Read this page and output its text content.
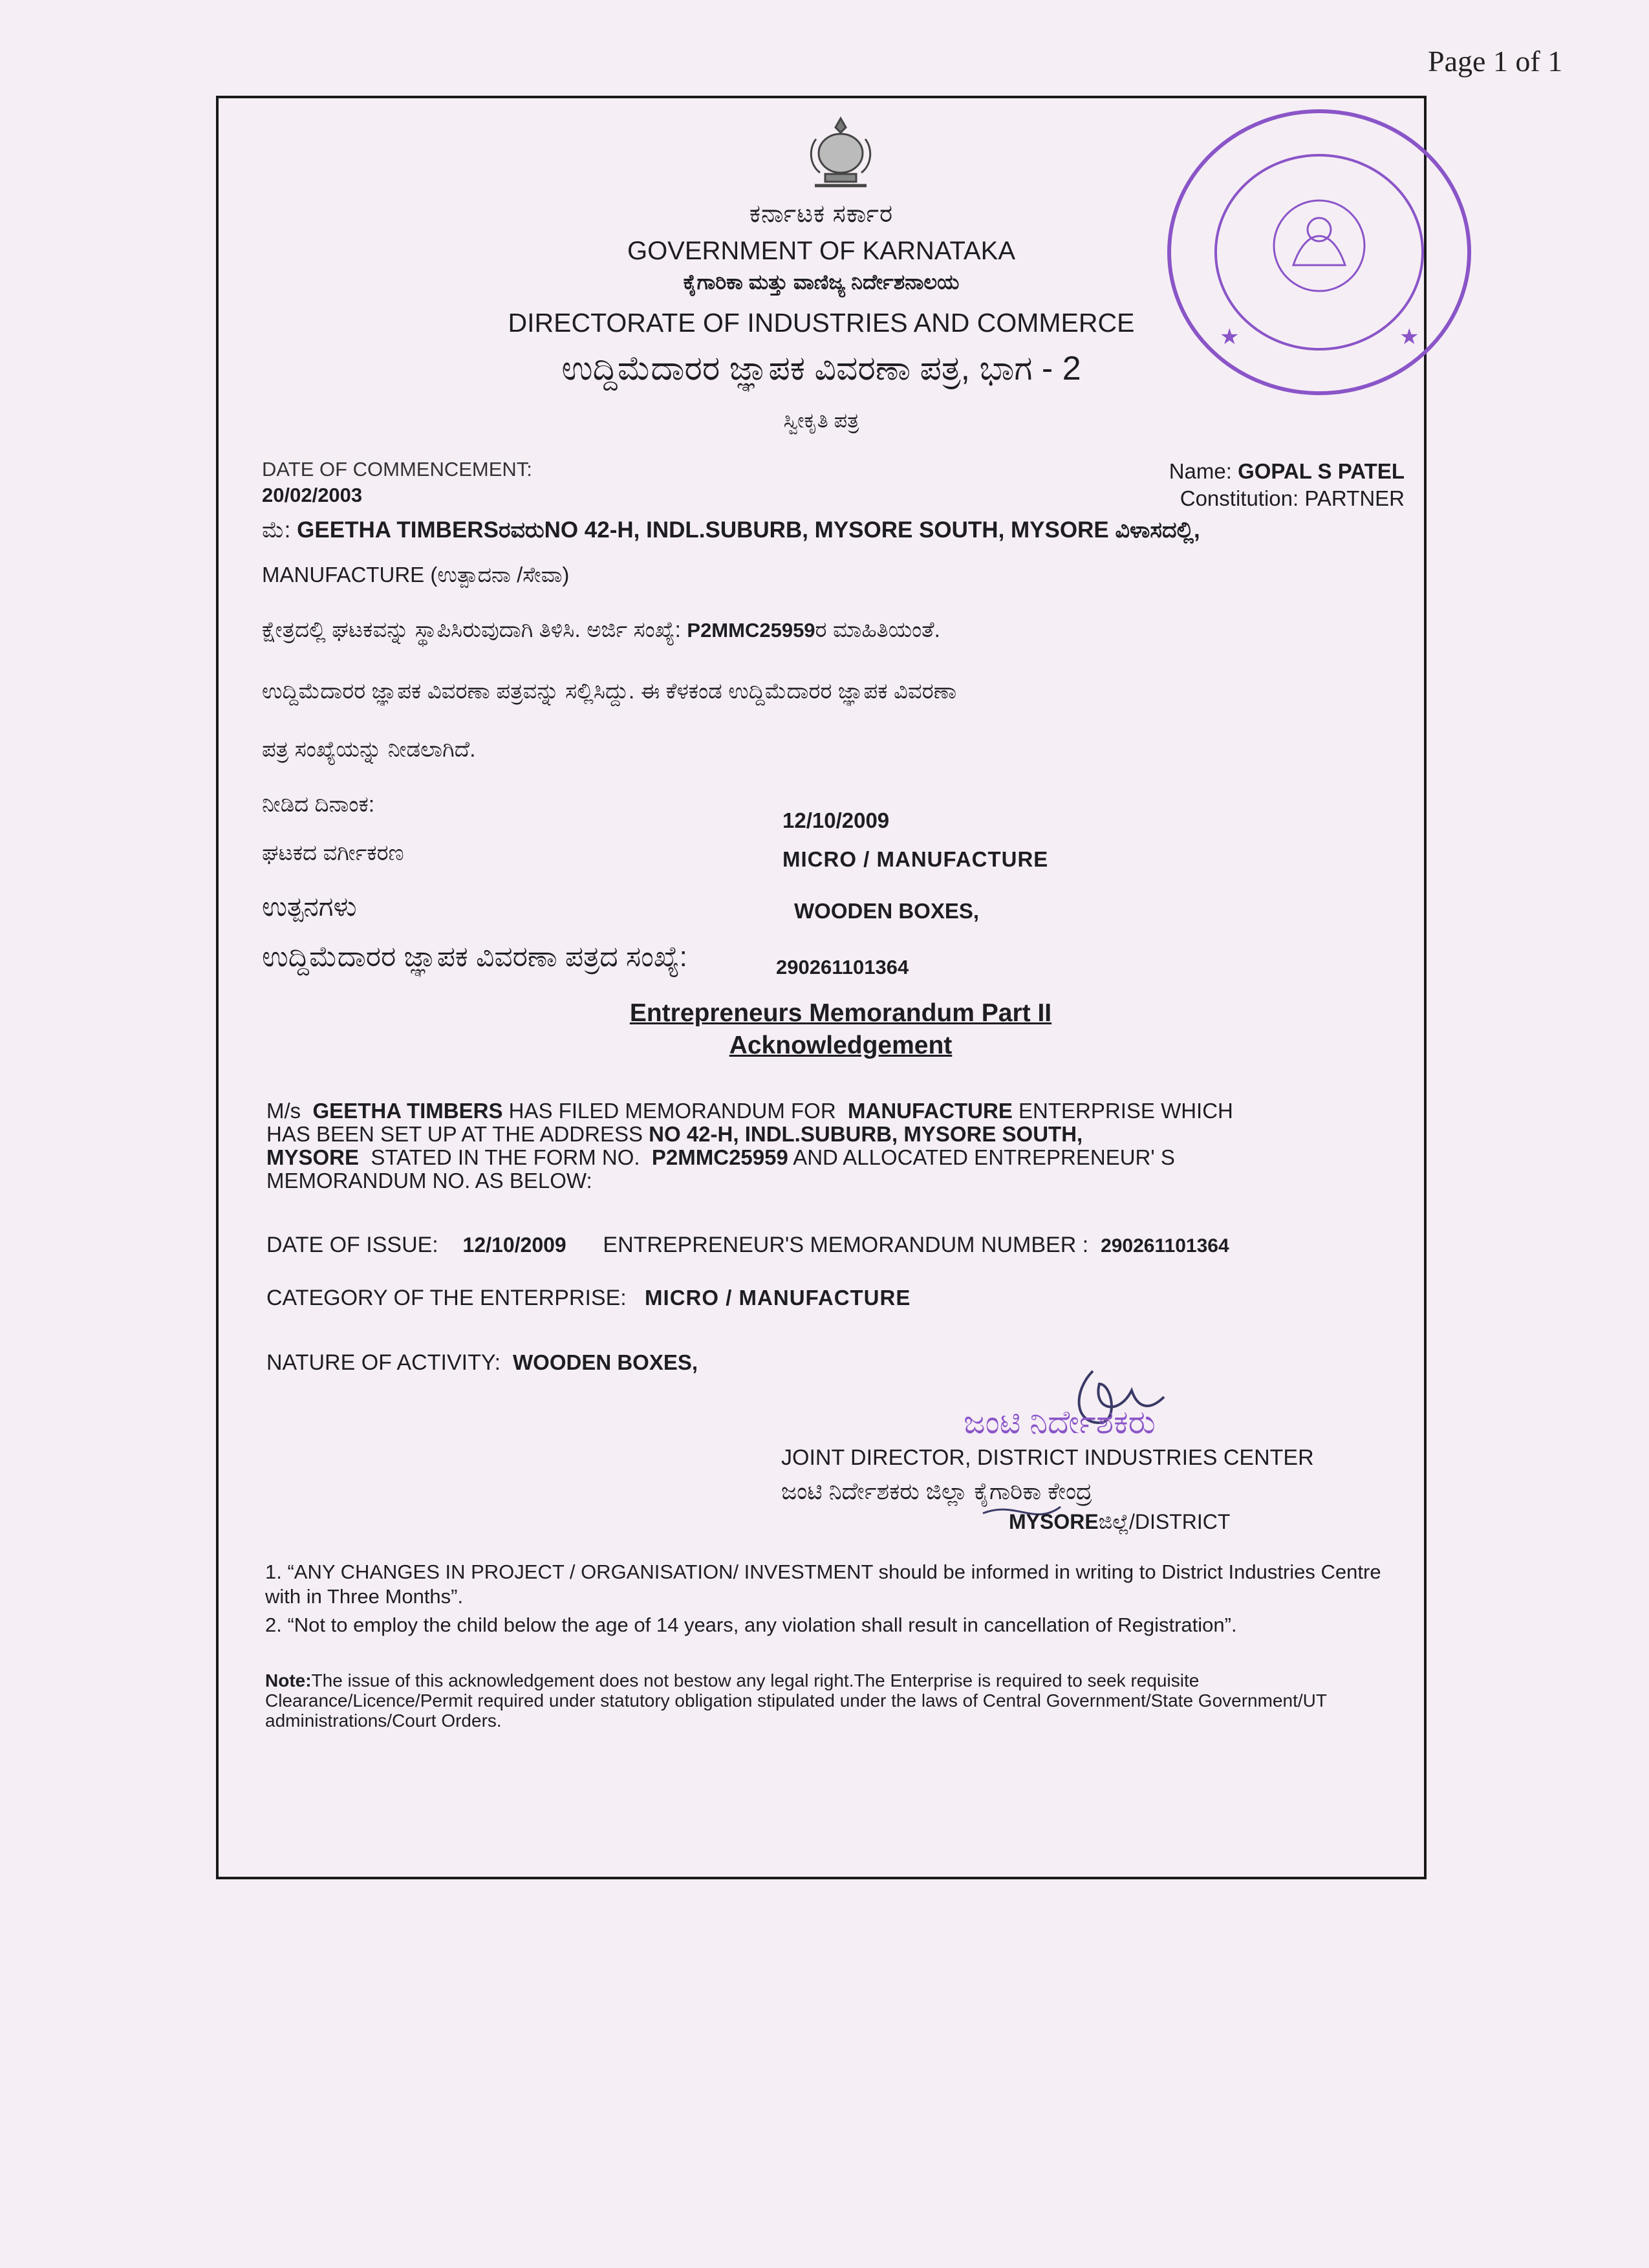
Page 1 of 1
ಕರ್ನಾಟಕ ಸರ್ಕಾರ
GOVERNMENT OF KARNATAKA
ಕೈಗಾರಿಕಾ ಮತ್ತು ವಾಣಿಜ್ಯ ನಿರ್ದೇಶನಾಲಯ
DIRECTORATE OF INDUSTRIES AND COMMERCE
ಉದ್ದಿಮೆದಾರರ ಜ್ಞಾಪಕ ವಿವರಣಾ ಪತ್ರ, ಭಾಗ - 2
ಸ್ವೀಕೃತಿ ಪತ್ರ
DATE OF COMMENCEMENT:
20/02/2003
Name: GOPAL S PATEL
Constitution: PARTNER
ಮೆ: GEETHA TIMBERSರವರುNO 42-H, INDL.SUBURB, MYSORE SOUTH, MYSORE ವಿಳಾಸದಲ್ಲಿ,
MANUFACTURE (ಉತ್ಪಾದನಾ /ಸೇವಾ)
ಕ್ಷೇತ್ರದಲ್ಲಿ ಘಟಕವನ್ನು ಸ್ಥಾಪಿಸಿರುವುದಾಗಿ ತಿಳಿಸಿ. ಅರ್ಜಿ ಸಂಖ್ಯೆ: P2MMC25959ರ ಮಾಹಿತಿಯಂತೆ.
ಉದ್ದಿಮೆದಾರರ ಜ್ಞಾಪಕ ವಿವರಣಾ ಪತ್ರವನ್ನು ಸಲ್ಲಿಸಿದ್ದು. ಈ ಕೆಳಕಂಡ ಉದ್ದಿಮೆದಾರರ ಜ್ಞಾಪಕ ವಿವರಣಾ
ಪತ್ರ ಸಂಖ್ಯೆಯನ್ನು ನೀಡಲಾಗಿದೆ.
ನೀಡಿದ ದಿನಾಂಕ:
12/10/2009
ಘಟಕದ ವರ್ಗೀಕರಣ	MICRO / MANUFACTURE
ಉತ್ಪನಗಳು	WOODEN BOXES,
ಉದ್ದಿಮೆದಾರರ ಜ್ಞಾಪಕ ವಿವರಣಾ ಪತ್ರದ ಸಂಖ್ಯೆ:	290261101364
Entrepreneurs Memorandum Part II
Acknowledgement
M/s GEETHA TIMBERS HAS FILED MEMORANDUM FOR MANUFACTURE ENTERPRISE WHICH
HAS BEEN SET UP AT THE ADDRESS NO 42-H, INDL.SUBURB, MYSORE SOUTH,
MYSORE STATED IN THE FORM NO. P2MMC25959 AND ALLOCATED ENTREPRENEUR' S
MEMORANDUM NO. AS BELOW:
DATE OF ISSUE: 12/10/2009 ENTREPRENEUR'S MEMORANDUM NUMBER : 290261101364
CATEGORY OF THE ENTERPRISE: MICRO / MANUFACTURE
NATURE OF ACTIVITY: WOODEN BOXES,
ಜಂಟಿ ನಿರ್ದೇಶಕರು
JOINT DIRECTOR, DISTRICT INDUSTRIES CENTER
ಜಂಟಿ ನಿರ್ದೇಶಕರು ಜಿಲ್ಲಾ ಕೈಗಾರಿಕಾ ಕೇಂದ್ರ
MYSOREಜಿಲ್ಲೆ/DISTRICT
1. “ANY CHANGES IN PROJECT / ORGANISATION/ INVESTMENT should be informed in writing to District Industries Centre with in Three Months”.
2. “Not to employ the child below the age of 14 years, any violation shall result in cancellation of Registration”.
Note:The issue of this acknowledgement does not bestow any legal right.The Enterprise is required to seek requisite Clearance/Licence/Permit required under statutory obligation stipulated under the laws of Central Government/State Government/UT administrations/Court Orders.
★	★
